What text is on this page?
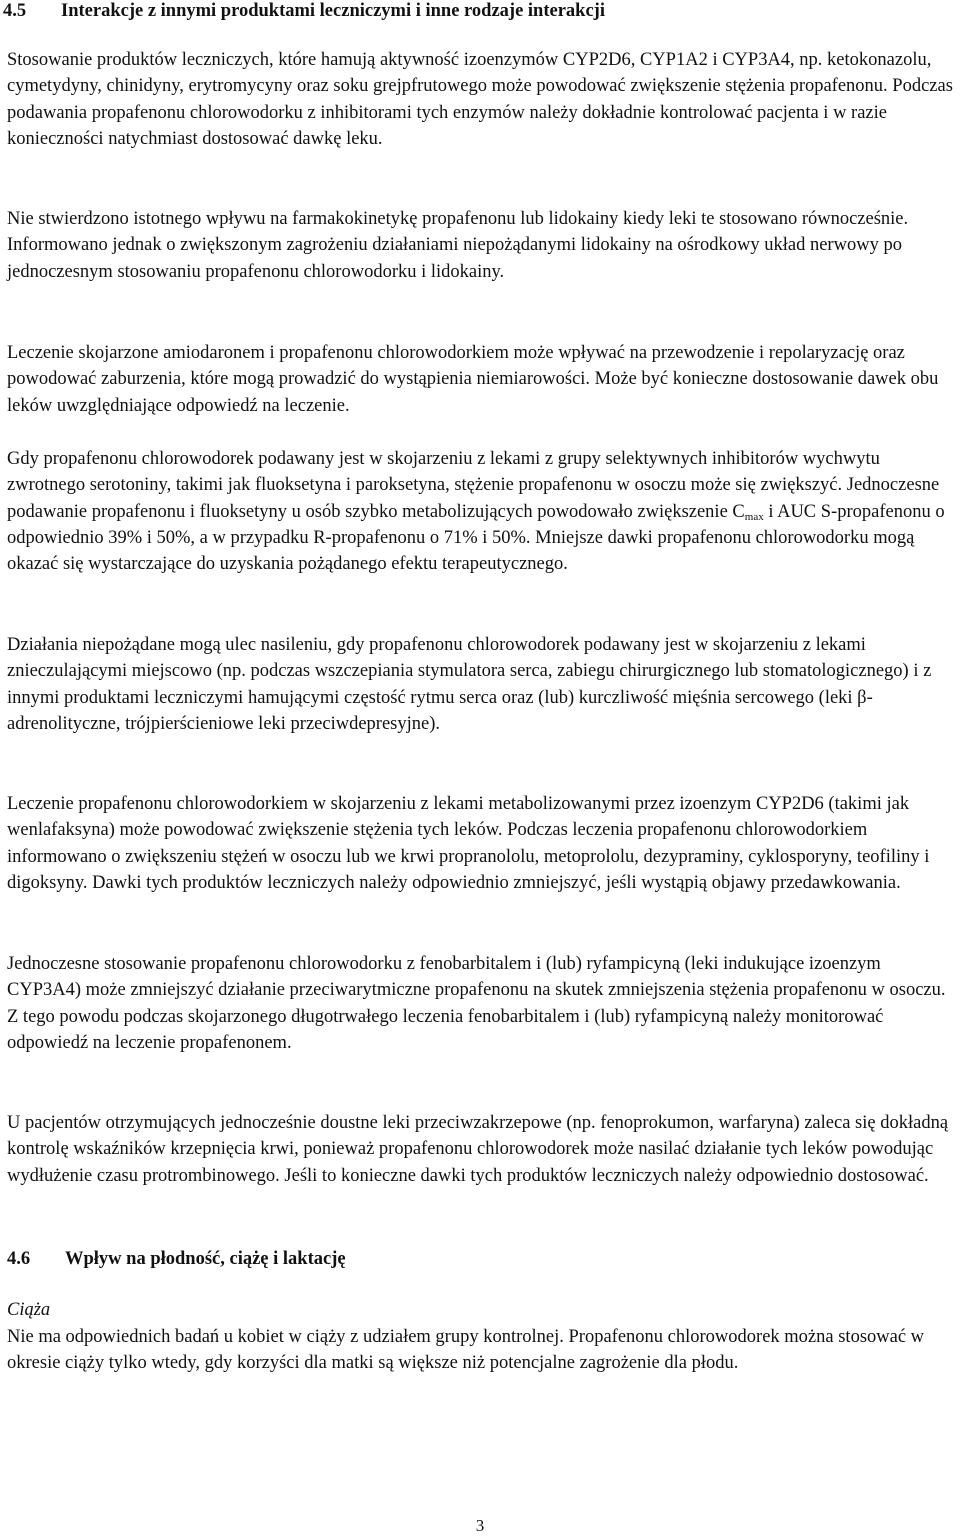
4.5	Interakcje z innymi produktami leczniczymi i inne rodzaje interakcji

Stosowanie produktów leczniczych, które hamują aktywność izoenzymów CYP2D6, CYP1A2 i CYP3A4, np. ketokonazolu, cymetydyny, chinidyny, erytromycyny oraz soku grejpfrutowego może powodować zwiększenie stężenia propafenonu. Podczas podawania propafenonu chlorowodorku z inhibitorami tych enzymów należy dokładnie kontrolować pacjenta i w razie konieczności natychmiast dostosować dawkę leku.

Nie stwierdzono istotnego wpływu na farmakokinetykę propafenonu lub lidokainy kiedy leki te stosowano równocześnie. Informowano jednak o zwiększonym zagrożeniu działaniami niepożądanymi lidokainy na ośrodkowy układ nerwowy po jednoczesnym stosowaniu propafenonu chlorowodorku i lidokainy.

Leczenie skojarzone amiodaronem i propafenonu chlorowodorkiem może wpływać na przewodzenie i repolaryzację oraz powodować zaburzenia, które mogą prowadzić do wystąpienia niemiarowości. Może być konieczne dostosowanie dawek obu leków uwzględniające odpowiedź na leczenie.

Gdy propafenonu chlorowodorek podawany jest w skojarzeniu z lekami z grupy selektywnych inhibitorów wychwytu zwrotnego serotoniny, takimi jak fluoksetyna i paroksetyna, stężenie propafenonu w osoczu może się zwiększyć. Jednoczesne podawanie propafenonu i fluoksetyny u osób szybko metabolizujących powodowało zwiększenie $C_{max}$ i AUC S-propafenonu o odpowiednio 39% i 50%, a w przypadku R-propafenonu o 71% i 50%. Mniejsze dawki propafenonu chlorowodorku mogą okazać się wystarczające do uzyskania pożądanego efektu terapeutycznego.

Działania niepożądane mogą ulec nasileniu, gdy propafenonu chlorowodorek podawany jest w skojarzeniu z lekami znieczulającymi miejscowo (np. podczas wszczepiania stymulatora serca, zabiegu chirurgicznego lub stomatologicznego) i z innymi produktami leczniczymi hamującymi częstość rytmu serca oraz (lub) kurczliwość mięśnia sercowego (leki β-adrenolityczne, trójpierścieniowe leki przeciwdepresyjne).

Leczenie propafenonu chlorowodorkiem w skojarzeniu z lekami metabolizowanymi przez izoenzym CYP2D6 (takimi jak wenlafaksyna) może powodować zwiększenie stężenia tych leków. Podczas leczenia propafenonu chlorowodorkiem informowano o zwiększeniu stężeń w osoczu lub we krwi propranololu, metoprololu, dezypraminy, cyklosporyny, teofiliny i digoksyny. Dawki tych produktów leczniczych należy odpowiednio zmniejszyć, jeśli wystąpią objawy przedawkowania.

Jednoczesne stosowanie propafenonu chlorowodorku z fenobarbitalem i (lub) ryfampicyną (leki indukujące izoenzym CYP3A4) może zmniejszyć działanie przeciwarytmiczne propafenonu na skutek zmniejszenia stężenia propafenonu w osoczu. Z tego powodu podczas skojarzonego długotrwałego leczenia fenobarbitalem i (lub) ryfampicyną należy monitorować odpowiedź na leczenie propafenonem.

U pacjentów otrzymujących jednocześnie doustne leki przeciwzakrzepowe (np. fenoprokumon, warfaryna) zaleca się dokładną kontrolę wskaźników krzepnięcia krwi, ponieważ propafenonu chlorowodorek może nasilać działanie tych leków powodując wydłużenie czasu protrombinowego. Jeśli to konieczne dawki tych produktów leczniczych należy odpowiednio dostosować.

4.6	Wpływ na płodność, ciążę i laktację

Ciąża

Nie ma odpowiednich badań u kobiet w ciąży z udziałem grupy kontrolnej. Propafenonu chlorowodorek można stosować w okresie ciąży tylko wtedy, gdy korzyści dla matki są większe niż potencjalne zagrożenie dla płodu.

3
